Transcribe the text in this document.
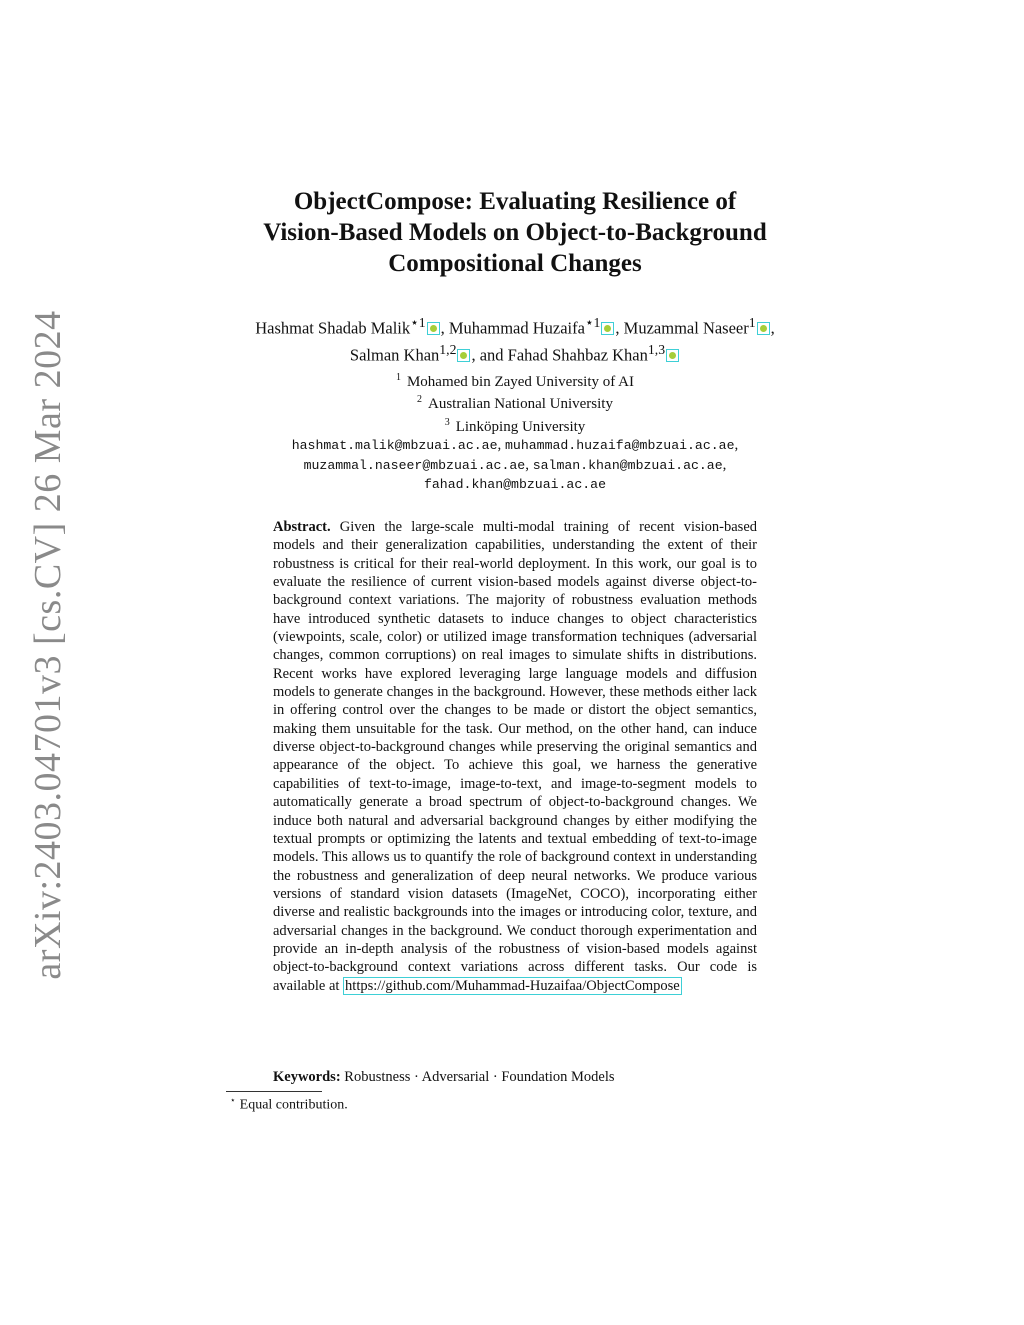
arXiv:2403.04701v3 [cs.CV] 26 Mar 2024
ObjectCompose: Evaluating Resilience of
Vision-Based Models on Object-to-Background
Compositional Changes
Hashmat Shadab Malik$^{⋆1}$ , Muhammad Huzaifa$^{⋆1}$ , Muzammal Naseer$^1$ ,
Salman Khan$^{1,2}$ , and Fahad Shahbaz Khan$^{1,3}$
$^1$ Mohamed bin Zayed University of AI
$^2$ Australian National University
$^3$ Linköping University
hashmat.malik@mbzuai.ac.ae, muhammad.huzaifa@mbzuai.ac.ae,
muzammal.naseer@mbzuai.ac.ae, salman.khan@mbzuai.ac.ae,
fahad.khan@mbzuai.ac.ae
Abstract. Given the large-scale multi-modal training of recent vision-based models and their generalization capabilities, understanding the extent of their robustness is critical for their real-world deployment. In this work, our goal is to evaluate the resilience of current vision-based models against diverse object-to-background context variations. The majority of robustness evaluation methods have introduced synthetic datasets to induce changes to object characteristics (viewpoints, scale, color) or utilized image transformation techniques (adversarial changes, common corruptions) on real images to simulate shifts in distributions. Recent works have explored leveraging large language models and diffusion models to generate changes in the background. However, these methods either lack in offering control over the changes to be made or distort the object semantics, making them unsuitable for the task. Our method, on the other hand, can induce diverse object-to-background changes while preserving the original semantics and appearance of the object. To achieve this goal, we harness the generative capabilities of text-to-image, image-to-text, and image-to-segment models to automatically generate a broad spectrum of object-to-background changes. We induce both natural and adversarial background changes by either modifying the textual prompts or optimizing the latents and textual embedding of text-to-image models. This allows us to quantify the role of background context in understanding the robustness and generalization of deep neural networks. We produce various versions of standard vision datasets (ImageNet, COCO), incorporating either diverse and realistic backgrounds into the images or introducing color, texture, and adversarial changes in the background. We conduct thorough experimentation and provide an in-depth analysis of the robustness of vision-based models against object-to-background context variations across different tasks. Our code is available at https://github.com/Muhammad-Huzaifaa/ObjectCompose
Keywords: Robustness · Adversarial · Foundation Models
⋆ Equal contribution.
